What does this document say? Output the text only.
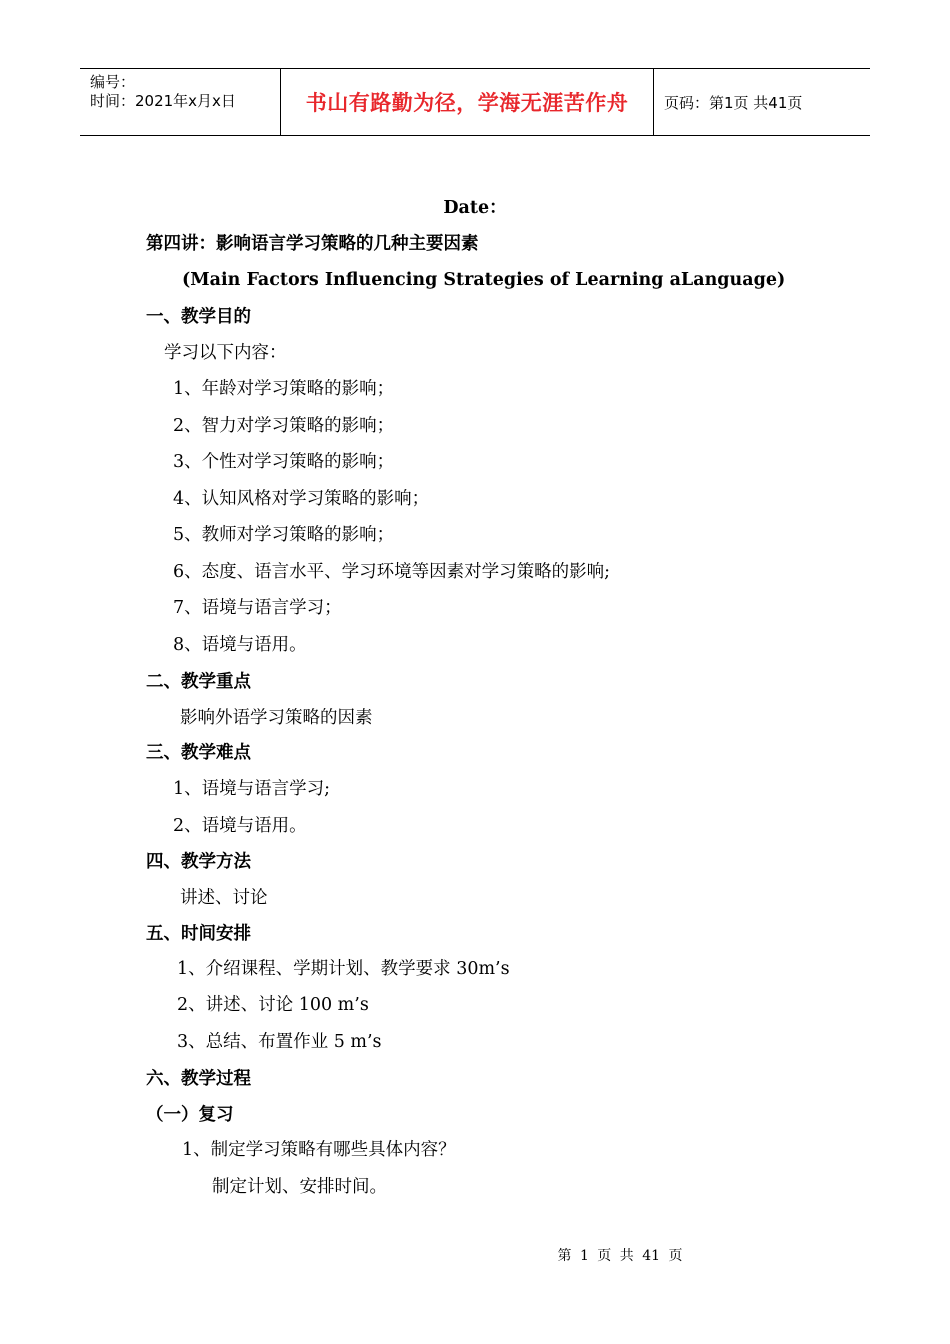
编号：
时间：2021年x月x日	书山有路勤为径，学海无涯苦作舟 页码：第1页 共41页
Date：
第四讲：影响语言学习策略的几种主要因素
(Main Factors Influencing Strategies of Learning aLanguage)
一、教学目的
学习以下内容：
1、年龄对学习策略的影响；
2、智力对学习策略的影响；
3、个性对学习策略的影响；
4、认知风格对学习策略的影响；
5、教师对学习策略的影响；
6、态度、语言水平、学习环境等因素对学习策略的影响;
7、语境与语言学习；
8、语境与语用。
二、教学重点
影响外语学习策略的因素
三、教学难点
1、语境与语言学习;
2、语境与语用。
四、教学方法
讲述、讨论
五、时间安排
1、介绍课程、学期计划、教学要求 30m’s
2、讲述、讨论 100 m’s
3、总结、布置作业 5 m’s
六、教学过程
（一）复习
1、制定学习策略有哪些具体内容？
制定计划、安排时间。
第 1 页 共 41 页
